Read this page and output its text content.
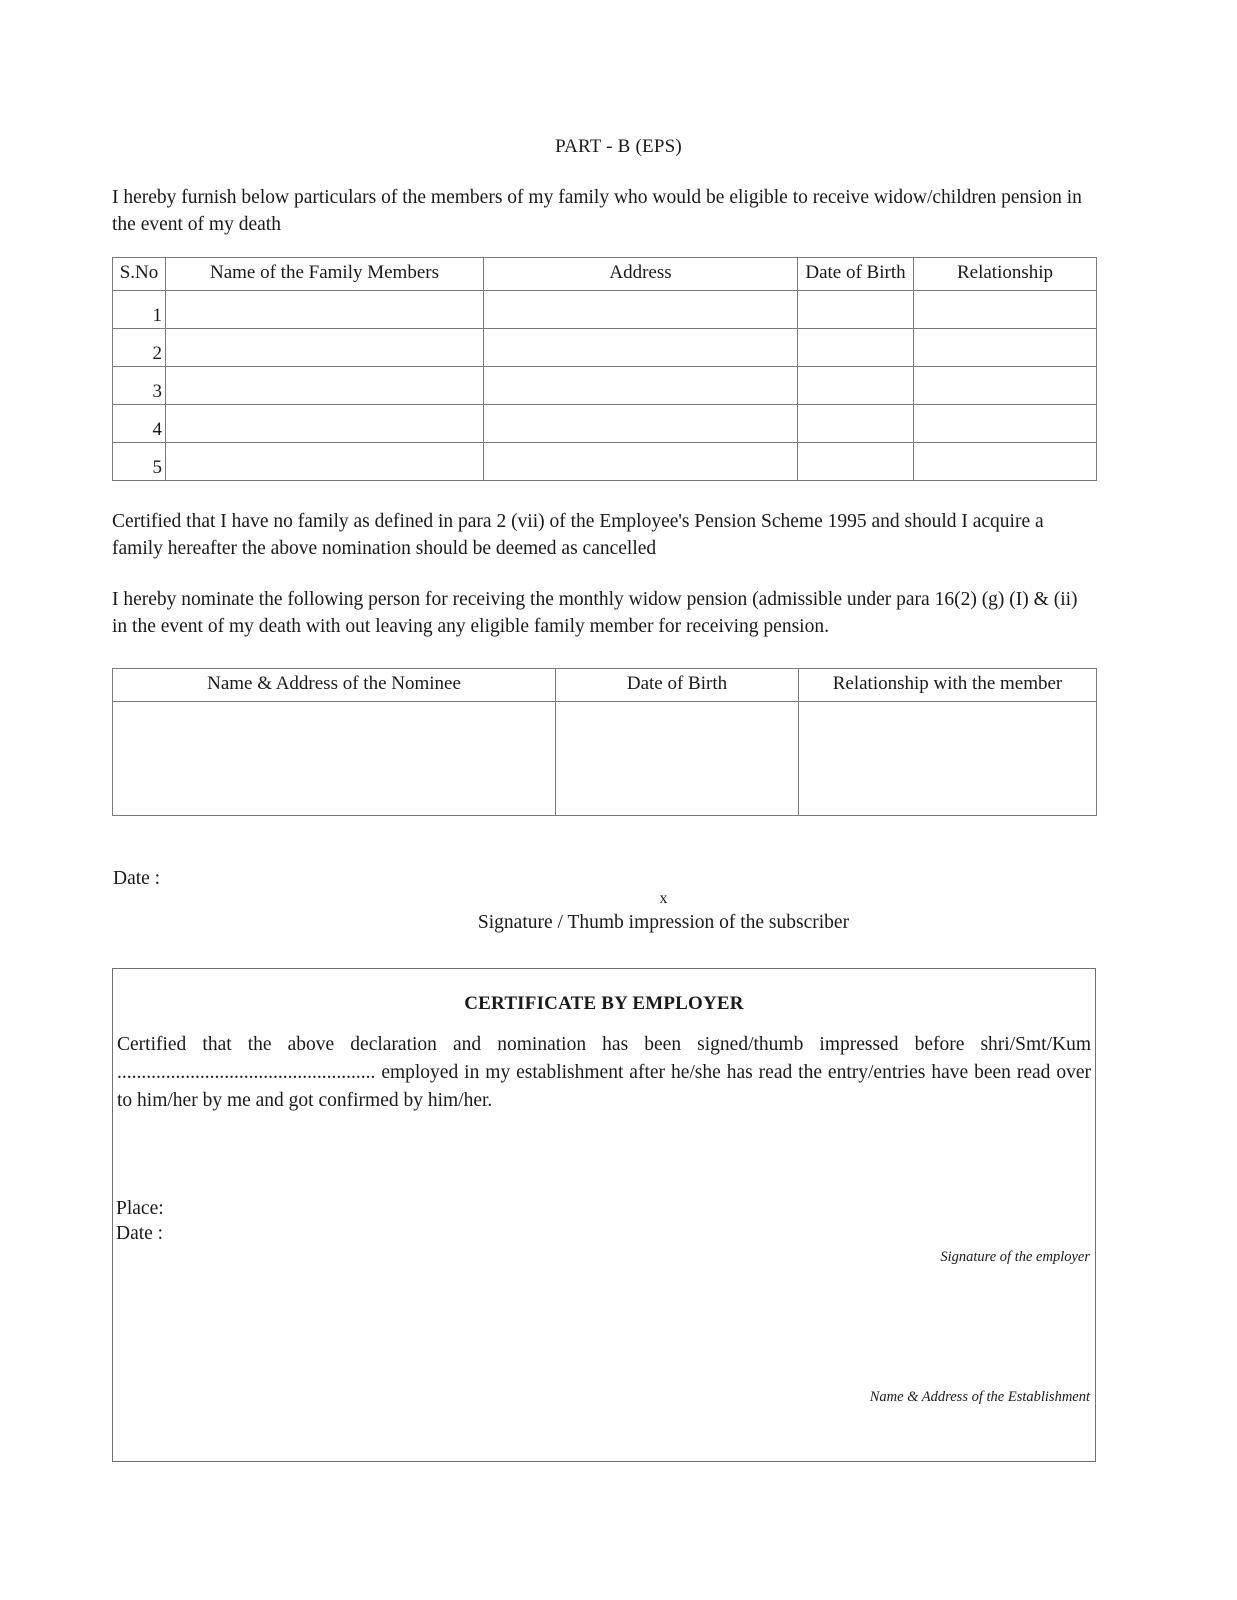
PART - B (EPS)
I hereby furnish below particulars of the members of my family who would be eligible to receive widow/children pension in the event of my death
S.No	Name of the Family Members	Address	Date of Birth	Relationship
1				
2				
3				
4				
5				
Certified that I have no family as defined in para 2 (vii) of the Employee's Pension Scheme 1995 and should I acquire a family hereafter the above nomination should be deemed as cancelled
I hereby nominate the following person for receiving the monthly widow pension (admissible under para 16(2) (g) (I) & (ii) in the event of my death with out leaving any eligible family member for receiving pension.
Name & Address of the Nominee	Date of Birth	Relationship with the member

Date :
x
Signature / Thumb impression of the subscriber
CERTIFICATE BY EMPLOYER
Certified that the above declaration and nomination has been signed/thumb impressed before shri/Smt/Kum ..................................................... employed in my establishment after he/she has read the entry/entries have been read over to him/her by me and got confirmed by him/her.
Place:
Date :
Signature of the employer
Name & Address of the Establishment
